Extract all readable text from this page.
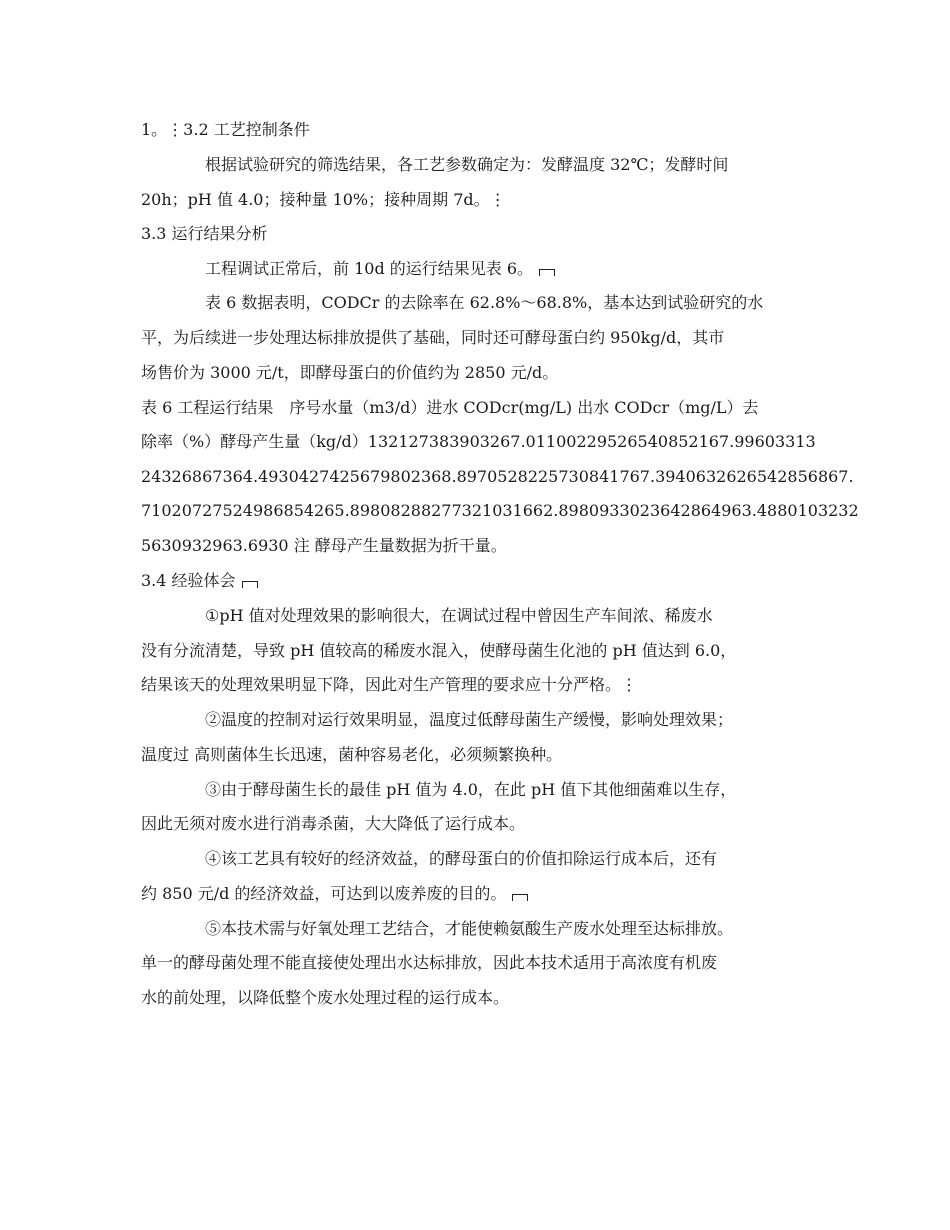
1。⋮3.2 工艺控制条件
根据试验研究的筛选结果，各工艺参数确定为：发酵温度 32℃；发酵时间
20h；pH 值 4.0；接种量 10%；接种周期 7d。⋮
3.3 运行结果分析
工程调试正常后，前 10d 的运行结果见表 6。
表 6 数据表明，CODCr 的去除率在 62.8%～68.8%，基本达到试验研究的水
平，为后续进一步处理达标排放提供了基础，同时还可酵母蛋白约 950kg/d，其市
场售价为 3000 元/t，即酵母蛋白的价值约为 2850 元/d。
表 6 工程运行结果　序号水量（m3/d）进水 CODcr(mg/L) 出水 CODcr（mg/L）去
除率（%）酵母产生量（kg/d）132127383903267.01100229526540852167.99603313
24326867364.4930427425679802368.8970528225730841767.3940632626542856867.
7102072752498685426​5.89808288277321031662.8980933023642864963.4880103232
5630932963.6930 注 酵母产生量数据为折干量。
3.4 经验体会
①pH 值对处理效果的影响很大，在调试过程中曾因生产车间浓、稀废水
没有分流清楚，导致 pH 值较高的稀废水混入，使酵母菌生化池的 pH 值达到 6.0，
结果该天的处理效果明显下降，因此对生产管理的要求应十分严格。⋮
②温度的控制对运行效果明显，温度过低酵母菌生产缓慢，影响处理效果；
温度过 高则菌体生长迅速，菌种容易老化，必须频繁换种。
③由于酵母菌生长的最佳 pH 值为 4.0，在此 pH 值下其他细菌难以生存，
因此无须对废水进行消毒杀菌，大大降低了运行成本。
④该工艺具有较好的经济效益，的酵母蛋白的价值扣除运行成本后，还有
约 850 元/d 的经济效益，可达到以废养废的目的。
⑤本技术需与好氧处理工艺结合，才能使赖氨酸生产废水处理至达标排放。
单一的酵母菌处理不能直接使处理出水达标排放，因此本技术适用于高浓度有机废
水的前处理，以降低整个废水处理过程的运行成本。
